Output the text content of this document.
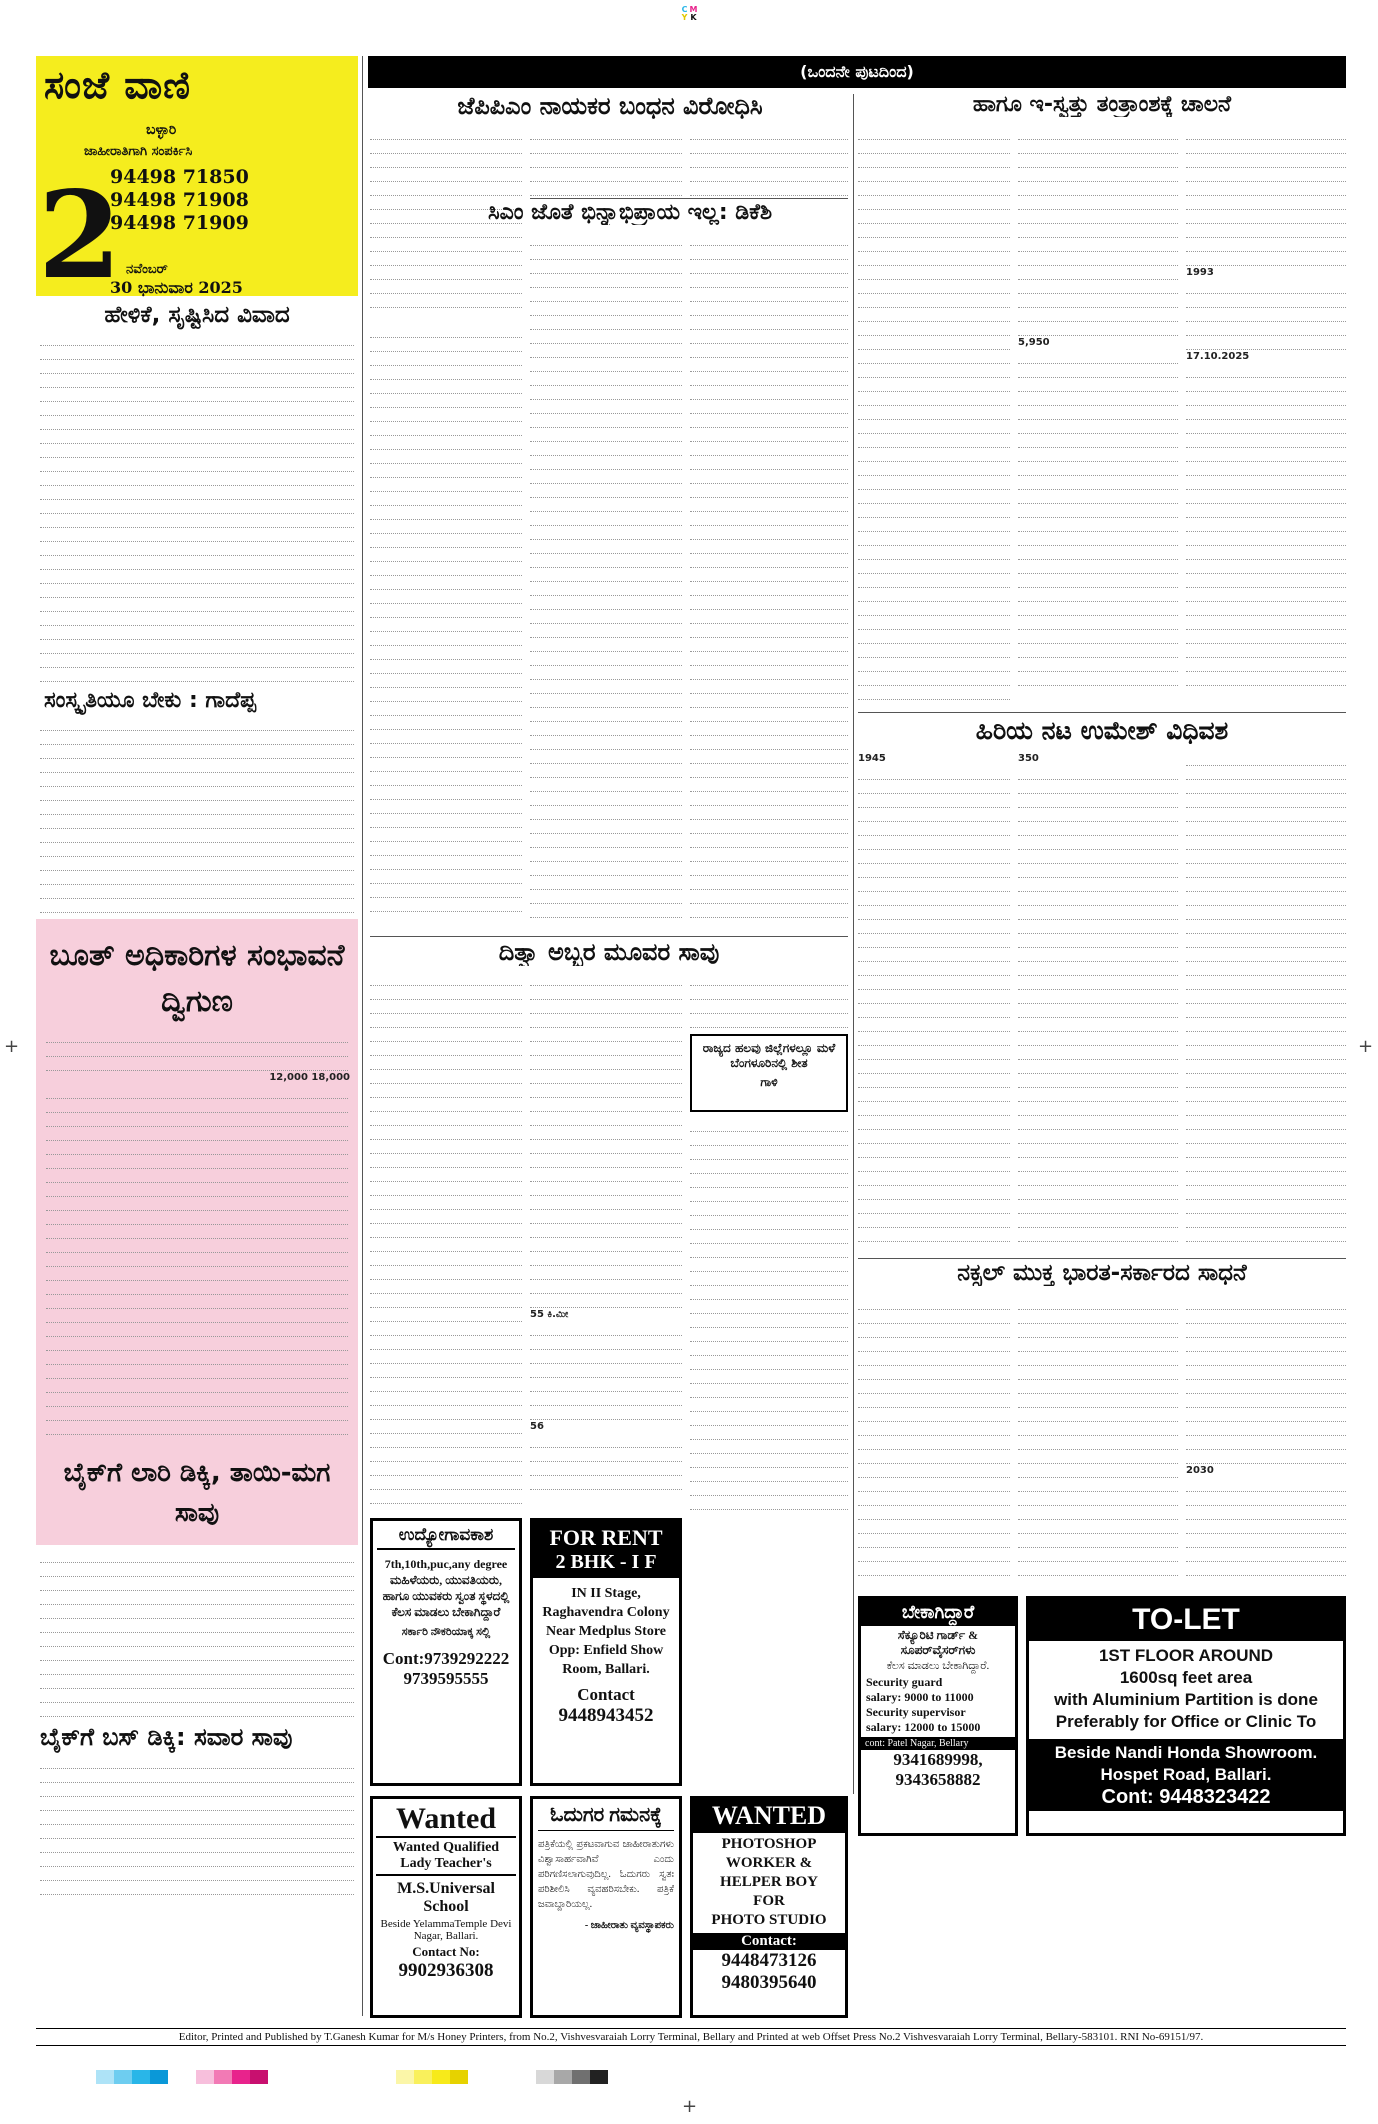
C M
Y K
+	+
+
ಸಂಜೆ ವಾಣಿ
ಬಳ್ಳಾರಿ
ಜಾಹೀರಾತಿಗಾಗಿ ಸಂಪರ್ಕಿಸಿ
94498 71850
94498 71908
94498 71909
2 ನವೆಂಬರ್
30 ಭಾನುವಾರ 2025
ಹೇಳಿಕೆ, ಸೃಷ್ಟಿಸಿದ ವಿವಾದ
ಸಂಸ್ಕೃತಿಯೂ ಬೇಕು : ಗಾದೆಪ್ಪ
ಬೂತ್ ಅಧಿಕಾರಿಗಳ ಸಂಭಾವನೆ ದ್ವಿಗುಣ
12,000 18,000
ಬೈಕ್‌ಗೆ ಲಾರಿ ಡಿಕ್ಕಿ, ತಾಯಿ-ಮಗ ಸಾವು
ಬೈಕ್‌ಗೆ ಬಸ್ ಡಿಕ್ಕಿ: ಸವಾರ ಸಾವು
(ಒಂದನೇ ಪುಟದಿಂದ)
ಜೆಪಿಪಿಎಂ ನಾಯಕರ ಬಂಧನ ವಿರೋಧಿಸಿ
ಸಿಎಂ ಜೊತೆ ಭಿನ್ನಾಭಿಪ್ರಾಯ ಇಲ್ಲ: ಡಿಕೆಶಿ
ಹಾಗೂ ಇ-ಸ್ವತ್ತು ತಂತ್ರಾಂಶಕ್ಕೆ ಚಾಲನೆ
5,950
1993
17.10.2025
ಹಿರಿಯ ನಟ ಉಮೇಶ್ ವಿಧಿವಶ
1945	350
ದಿತ್ವಾ ಅಬ್ಬರ ಮೂವರ ಸಾವು
55 ಕಿ.ಮೀ
56
ರಾಜ್ಯದ ಹಲವು ಜಿಲ್ಲೆಗಳಲ್ಲೂ ಮಳೆ ಬೆಂಗಳೂರಿನಲ್ಲಿ ಶೀತ
ಗಾಳಿ
ನಕ್ಸಲ್ ಮುಕ್ತ ಭಾರತ-ಸರ್ಕಾರದ ಸಾಧನೆ
2030
ಉದ್ಯೋಗಾವಕಾಶ
7th,10th,puc,any degree ಮಹಿಳೆಯರು, ಯುವತಿಯರು, ಹಾಗೂ ಯುವಕರು ಸ್ವಂತ ಸ್ಥಳದಲ್ಲಿ ಕೆಲಸ ಮಾಡಲು ಬೇಕಾಗಿದ್ದಾರೆ
ಸರ್ಕಾರಿ ನೌಕರಿಯಾಕ್ಕ ಸಲ್ಲಿ
Cont:9739292222
9739595555
FOR RENT
2 BHK - I F
IN II Stage,
Raghavendra Colony
Near Medplus Store
Opp: Enfield Show
Room, Ballari.
Contact
9448943452
Wanted
Wanted Qualified Lady Teacher's
M.S.Universal School
Beside YelammaTemple Devi Nagar, Ballari.
Contact No:
9902936308
ಓದುಗರ ಗಮನಕ್ಕೆ
ಪತ್ರಿಕೆಯಲ್ಲಿ ಪ್ರಕಟವಾಗುವ ಜಾಹೀರಾತುಗಳು ವಿಶ್ವಾಸಾರ್ಹವಾಗಿವೆ ಎಂದು ಪರಿಗಣಿಸಲಾಗುವುದಿಲ್ಲ. ಓದುಗರು ಸ್ವತಃ ಪರಿಶೀಲಿಸಿ ವ್ಯವಹರಿಸಬೇಕು. ಪತ್ರಿಕೆ ಜವಾಬ್ದಾರಿಯಲ್ಲ.
- ಜಾಹೀರಾತು ವ್ಯವಸ್ಥಾಪಕರು
WANTED
PHOTOSHOP
WORKER &
HELPER BOY
FOR
PHOTO STUDIO
Contact:
9448473126
9480395640
ಬೇಕಾಗಿದ್ದಾರೆ
ಸೆಕ್ಯೂರಿಟಿ ಗಾರ್ಡ್ & ಸೂಪರ್‌ವೈಸರ್‌ಗಳು
ಕೆಲಸ ಮಾಡಲು ಬೇಕಾಗಿದ್ದಾರೆ.
Security guard
salary: 9000 to 11000
Security supervisor
salary: 12000 to 15000
cont: Patel Nagar, Bellary
9341689998,
9343658882
TO-LET
1ST FLOOR AROUND
1600sq feet area
with Aluminium Partition is done
Preferably for Office or Clinic To
Beside Nandi Honda Showroom.
Hospet Road, Ballari.
Cont: 9448323422
Editor, Printed and Published by T.Ganesh Kumar for M/s Honey Printers, from No.2, Vishvesvaraiah Lorry Terminal, Bellary and Printed at web Offset Press No.2 Vishvesvaraiah Lorry Terminal, Bellary-583101. RNI No-69151/97.
